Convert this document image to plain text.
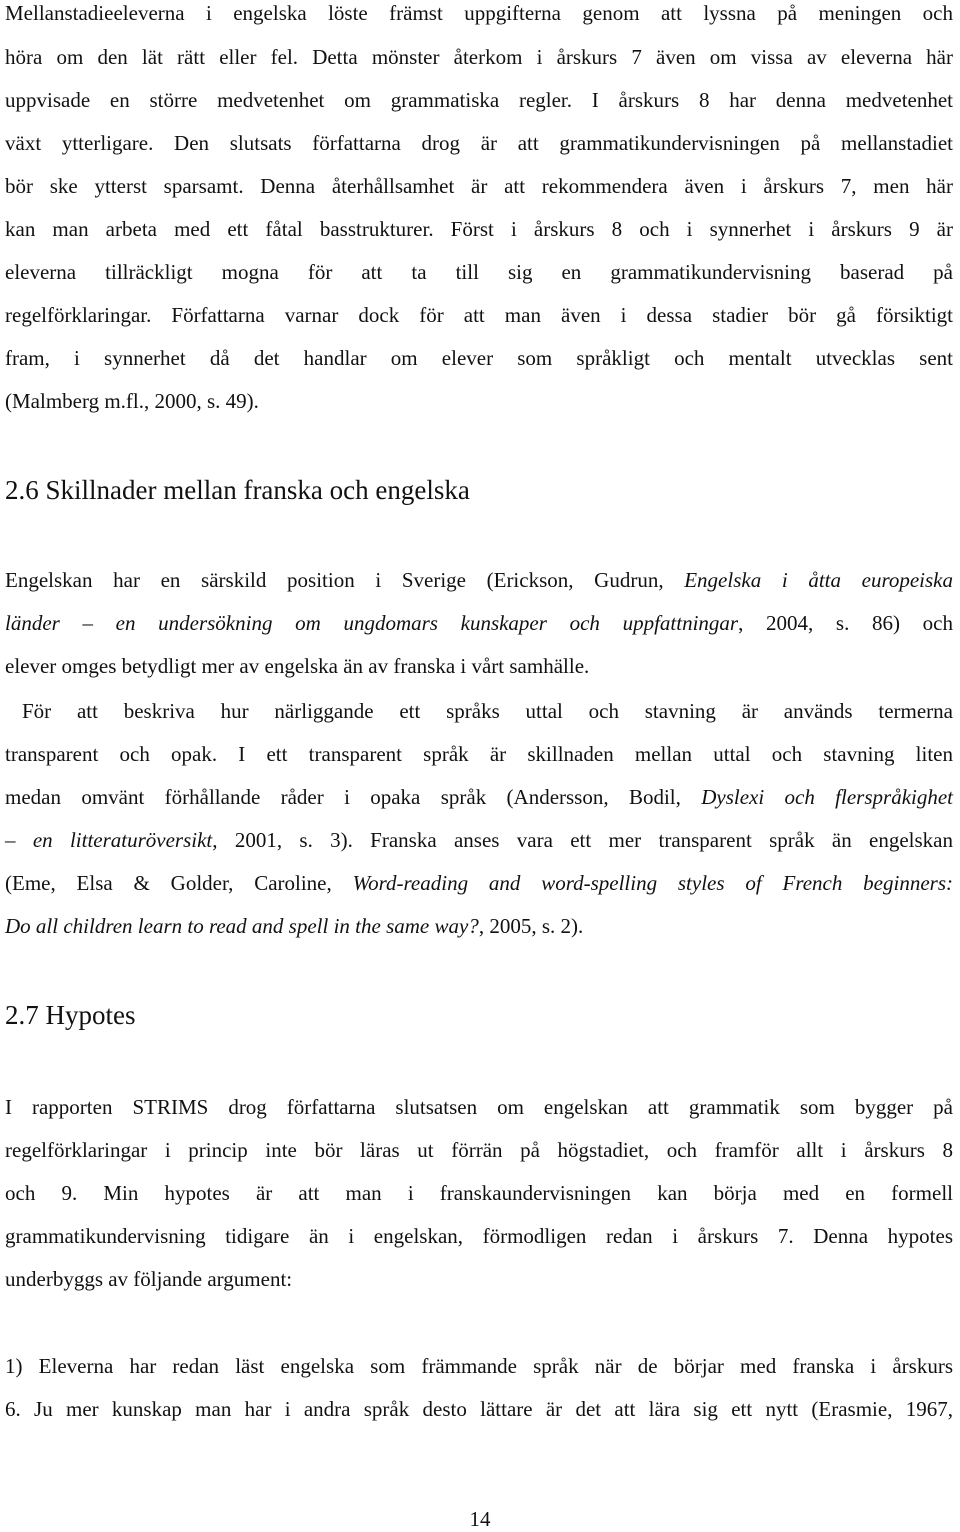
Mellanstadieeleverna i engelska löste främst uppgifterna genom att lyssna på meningen och
höra om den lät rätt eller fel. Detta mönster återkom i årskurs 7 även om vissa av eleverna här
uppvisade en större medvetenhet om grammatiska regler. I årskurs 8 har denna medvetenhet
växt ytterligare. Den slutsats författarna drog är att grammatikundervisningen på mellanstadiet
bör ske ytterst sparsamt. Denna återhållsamhet är att rekommendera även i årskurs 7, men här
kan man arbeta med ett fåtal basstrukturer. Först i årskurs 8 och i synnerhet i årskurs 9 är
eleverna tillräckligt mogna för att ta till sig en grammatikundervisning baserad på
regelförklaringar. Författarna varnar dock för att man även i dessa stadier bör gå försiktigt
fram, i synnerhet då det handlar om elever som språkligt och mentalt utvecklas sent
(Malmberg m.fl., 2000, s. 49).
2.6 Skillnader mellan franska och engelska
Engelskan har en särskild position i Sverige (Erickson, Gudrun, Engelska i åtta europeiska
länder – en undersökning om ungdomars kunskaper och uppfattningar, 2004, s. 86) och
elever omges betydligt mer av engelska än av franska i vårt samhälle.
För att beskriva hur närliggande ett språks uttal och stavning är används termerna
transparent och opak. I ett transparent språk är skillnaden mellan uttal och stavning liten
medan omvänt förhållande råder i opaka språk (Andersson, Bodil, Dyslexi och flerspråkighet
– en litteraturöversikt, 2001, s. 3). Franska anses vara ett mer transparent språk än engelskan
(Eme, Elsa & Golder, Caroline, Word-reading and word-spelling styles of French beginners:
Do all children learn to read and spell in the same way?, 2005, s. 2).
2.7 Hypotes
I rapporten STRIMS drog författarna slutsatsen om engelskan att grammatik som bygger på
regelförklaringar i princip inte bör läras ut förrän på högstadiet, och framför allt i årskurs 8
och 9. Min hypotes är att man i franskaundervisningen kan börja med en formell
grammatikundervisning tidigare än i engelskan, förmodligen redan i årskurs 7. Denna hypotes
underbyggs av följande argument:
1) Eleverna har redan läst engelska som främmande språk när de börjar med franska i årskurs
6. Ju mer kunskap man har i andra språk desto lättare är det att lära sig ett nytt (Erasmie, 1967,
14
